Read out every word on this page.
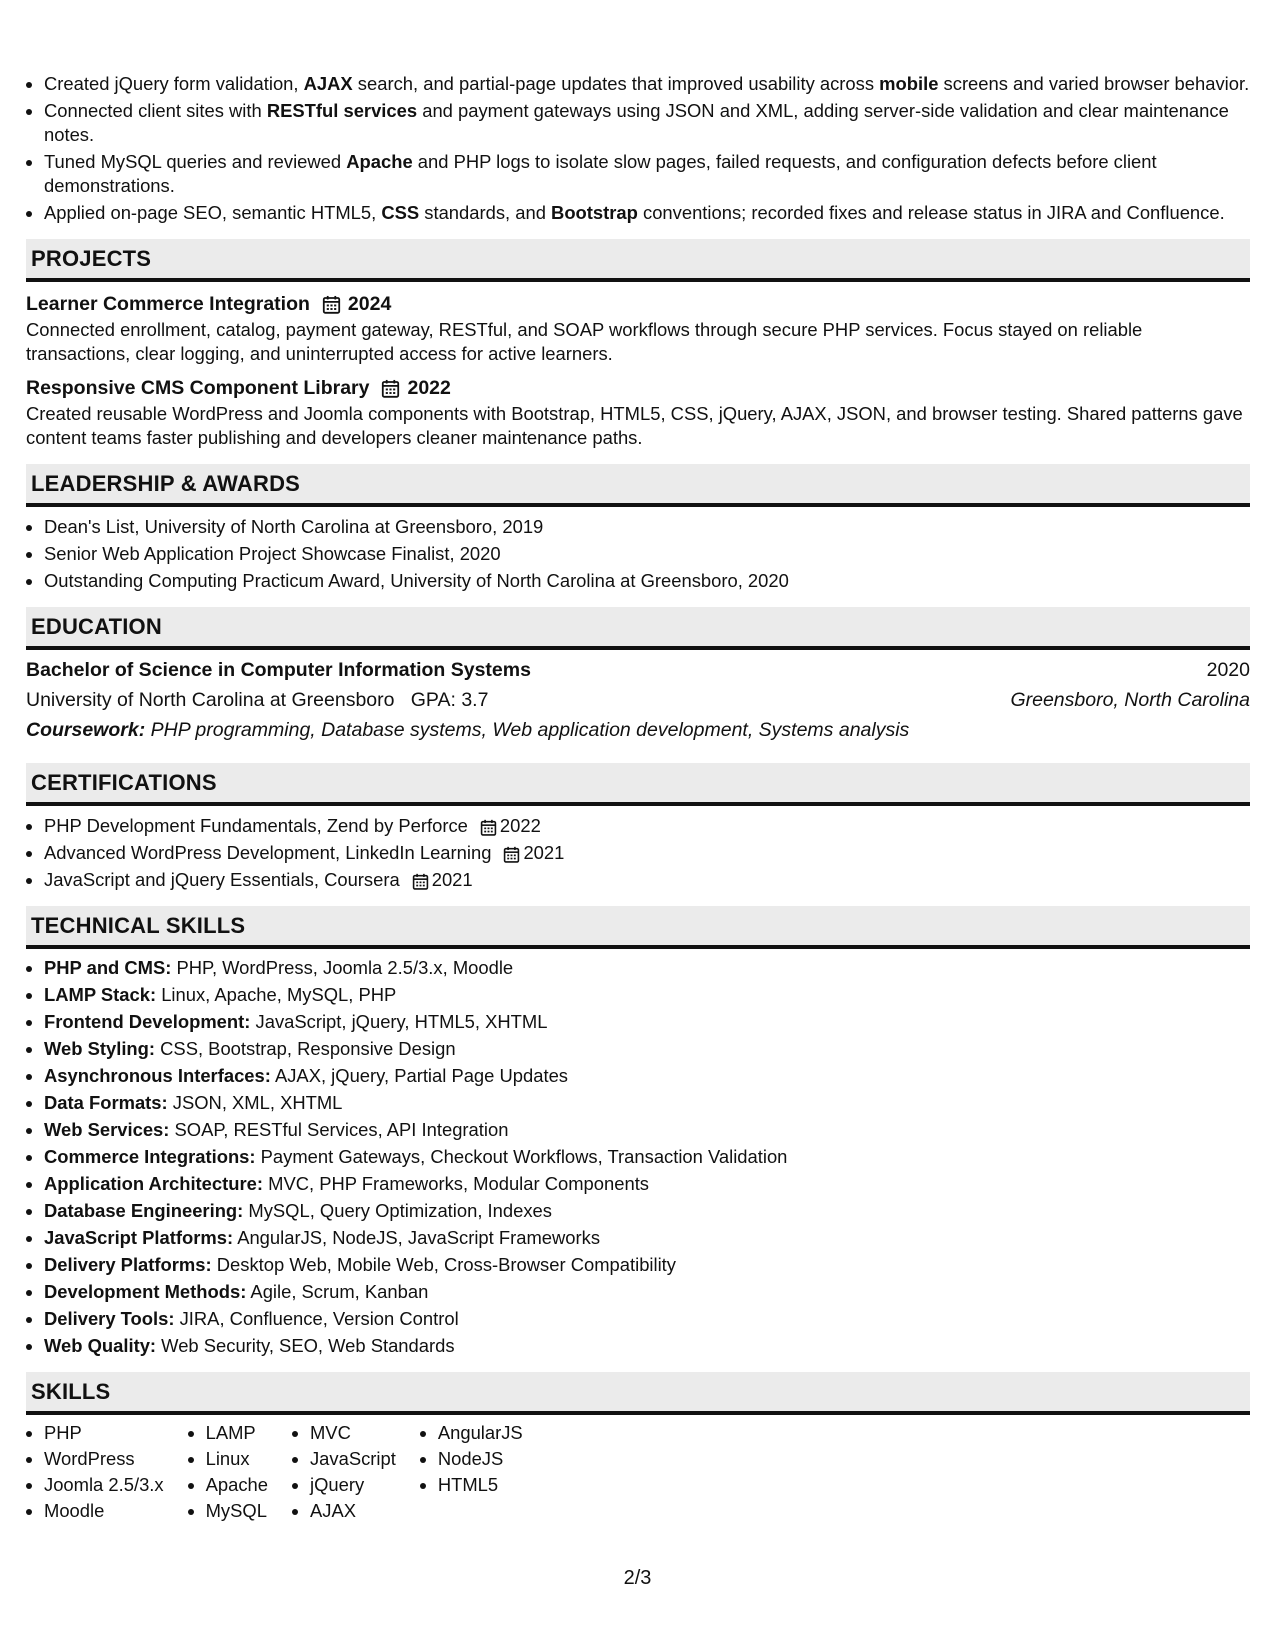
• Created jQuery form validation, AJAX search, and partial-page updates that improved usability across mobile screens and varied browser behavior.
• Connected client sites with RESTful services and payment gateways using JSON and XML, adding server-side validation and clear maintenance notes.
• Tuned MySQL queries and reviewed Apache and PHP logs to isolate slow pages, failed requests, and configuration defects before client demonstrations.
• Applied on-page SEO, semantic HTML5, CSS standards, and Bootstrap conventions; recorded fixes and release status in JIRA and Confluence.
PROJECTS
Learner Commerce Integration 2024
Connected enrollment, catalog, payment gateway, RESTful, and SOAP workflows through secure PHP services. Focus stayed on reliable transactions, clear logging, and uninterrupted access for active learners.
Responsive CMS Component Library 2022
Created reusable WordPress and Joomla components with Bootstrap, HTML5, CSS, jQuery, AJAX, JSON, and browser testing. Shared patterns gave content teams faster publishing and developers cleaner maintenance paths.
LEADERSHIP & AWARDS
• Dean's List, University of North Carolina at Greensboro, 2019
• Senior Web Application Project Showcase Finalist, 2020
• Outstanding Computing Practicum Award, University of North Carolina at Greensboro, 2020
EDUCATION
Bachelor of Science in Computer Information Systems	2020
University of North Carolina at Greensboro GPA: 3.7	Greensboro, North Carolina
Coursework: PHP programming, Database systems, Web application development, Systems analysis
CERTIFICATIONS
• PHP Development Fundamentals, Zend by Perforce 2022
• Advanced WordPress Development, LinkedIn Learning 2021
• JavaScript and jQuery Essentials, Coursera 2021
TECHNICAL SKILLS
• PHP and CMS: PHP, WordPress, Joomla 2.5/3.x, Moodle
• LAMP Stack: Linux, Apache, MySQL, PHP
• Frontend Development: JavaScript, jQuery, HTML5, XHTML
• Web Styling: CSS, Bootstrap, Responsive Design
• Asynchronous Interfaces: AJAX, jQuery, Partial Page Updates
• Data Formats: JSON, XML, XHTML
• Web Services: SOAP, RESTful Services, API Integration
• Commerce Integrations: Payment Gateways, Checkout Workflows, Transaction Validation
• Application Architecture: MVC, PHP Frameworks, Modular Components
• Database Engineering: MySQL, Query Optimization, Indexes
• JavaScript Platforms: AngularJS, NodeJS, JavaScript Frameworks
• Delivery Platforms: Desktop Web, Mobile Web, Cross-Browser Compatibility
• Development Methods: Agile, Scrum, Kanban
• Delivery Tools: JIRA, Confluence, Version Control
• Web Quality: Web Security, SEO, Web Standards
SKILLS
• PHP
• WordPress
• Joomla 2.5/3.x
• Moodle
• LAMP
• Linux
• Apache
• MySQL
• MVC
• JavaScript
• jQuery
• AJAX
• AngularJS
• NodeJS
• HTML5
2/3
